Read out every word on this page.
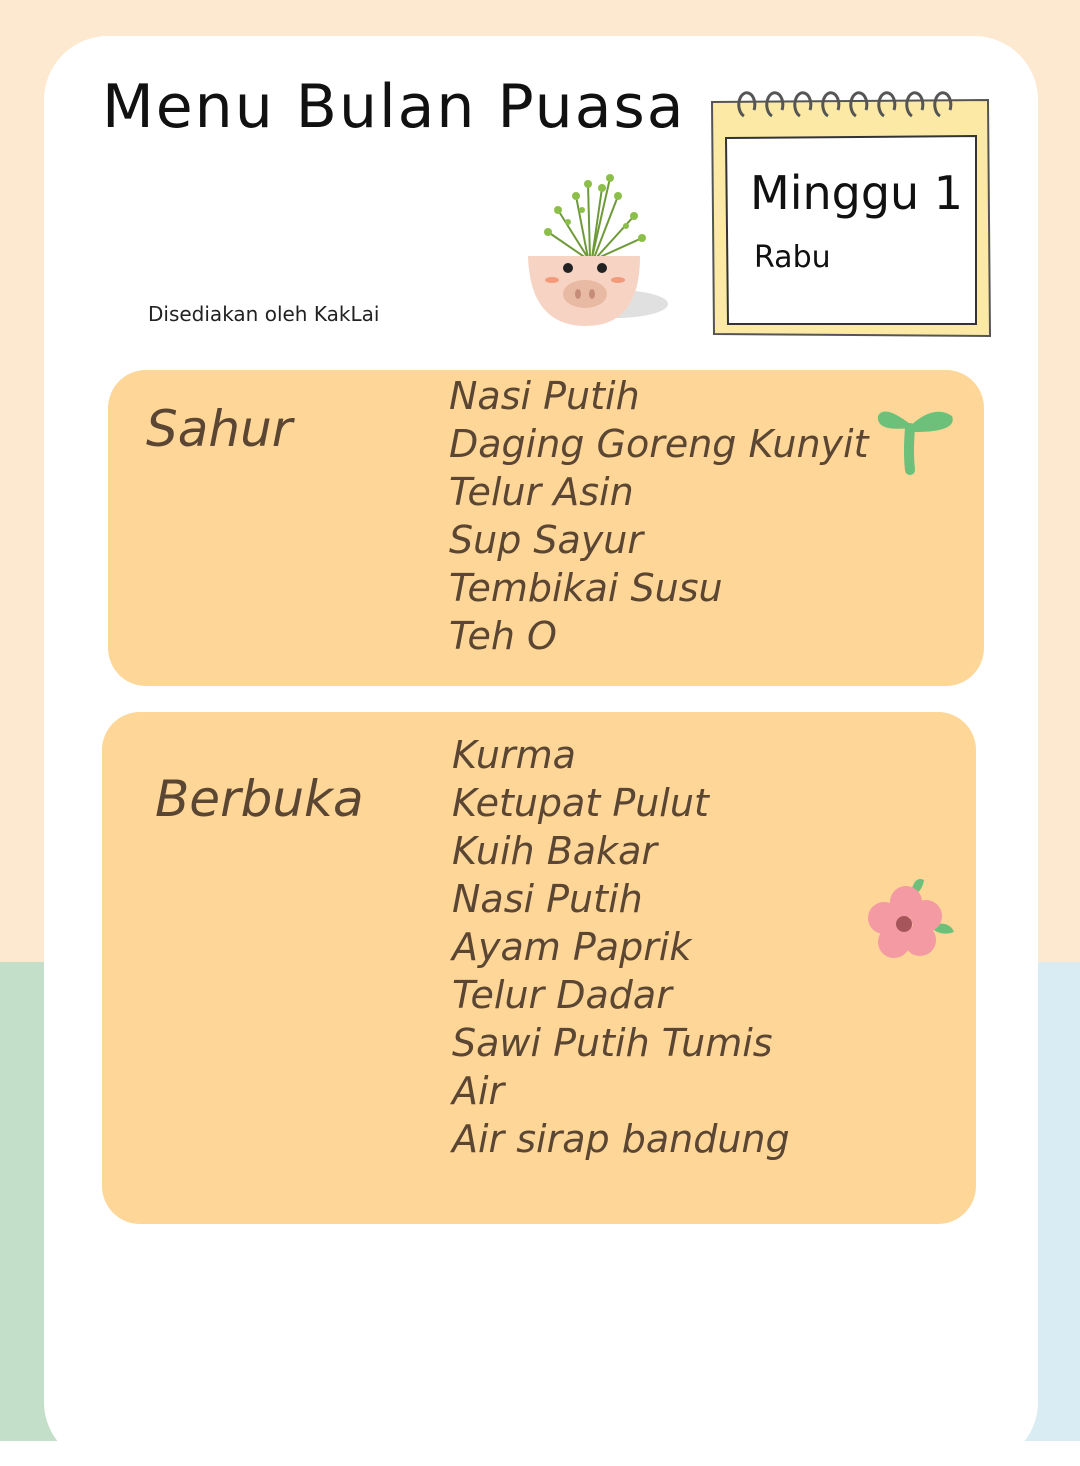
Menu Bulan Puasa
Disediakan oleh KakLai
Minggu 1
Rabu
Sahur
Nasi Putih
Daging Goreng Kunyit
Telur Asin
Sup Sayur
Tembikai Susu
Teh O
Berbuka
Kurma
Ketupat Pulut
Kuih Bakar
Nasi Putih
Ayam Paprik
Telur Dadar
Sawi Putih Tumis
Air
Air sirap bandung
